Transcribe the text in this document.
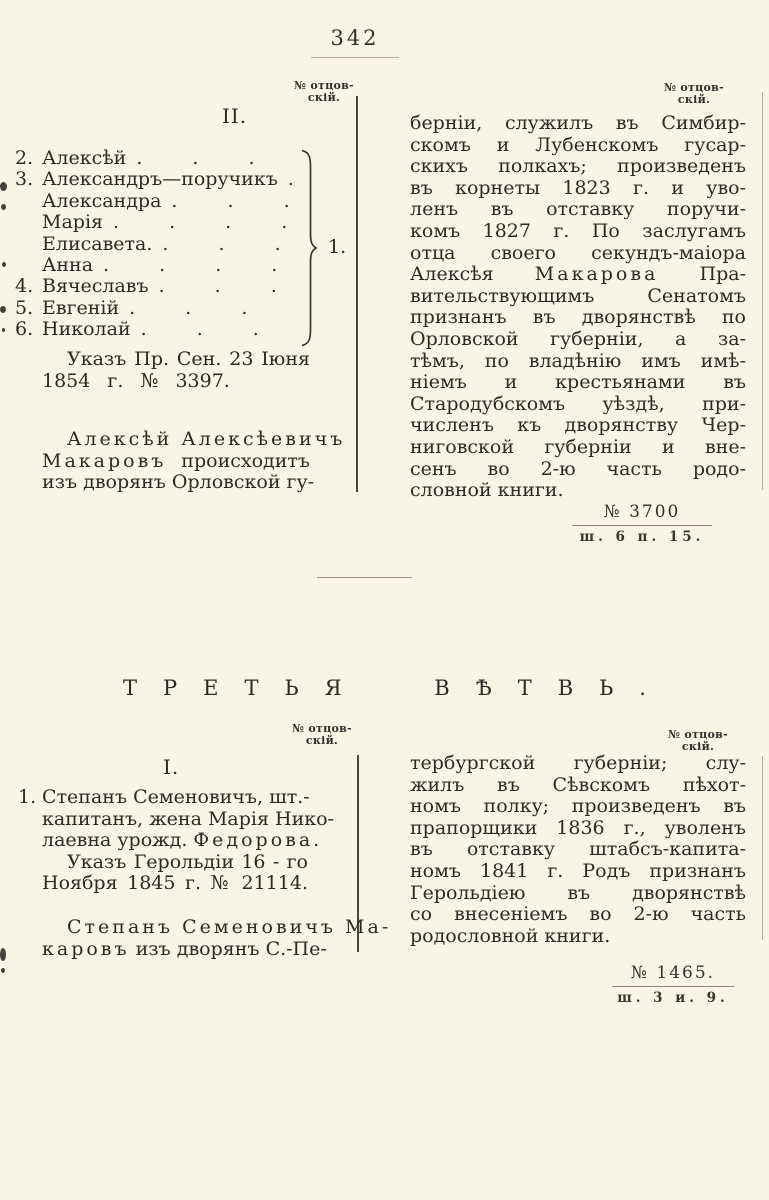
342
№ отцов-
скій.
№ отцов-
скій.
II.
2. Алексѣй
. . .
3. Александръ—поручикъ
. . .
Александра
. . .
Марія
. . .
Елисавета.
. . .
Анна
. . .
4. Вячеславъ
. . .
5. Евгеній
. . .
6. Николай
. . .
1.
Указъ Пр. Сен. 23 Іюня
1854 г. № 3397.
Алексѣй Алексѣевичъ
Макаровъ происходитъ
изъ дворянъ Орловской гу-
берніи, служилъ въ Симбир-
скомъ и Лубенскомъ гусар-
скихъ полкахъ; произведенъ
въ корнеты 1823 г. и уво-
ленъ въ отставку поручи-
комъ 1827 г. По заслугамъ
отца своего секундъ-маіора
Алексѣя Макарова Пра-
вительствующимъ Сенатомъ
признанъ въ дворянствѣ по
Орловской губерніи, а за-
тѣмъ, по владѣнію имъ имѣ-
ніемъ и крестьянами въ
Стародубскомъ уѣздѣ, при-
численъ къ дворянству Чер-
ниговской губерніи и вне-
сенъ во 2-ю часть родо-
словной книги.
№ 3700
ш. 6 п. 15.
ТРЕТЬЯ ВѢТВЬ.
№ отцов-
скій.	№ отцов-
скій.
I.
1. Степанъ Семеновичъ, шт.-
капитанъ, жена Марія Нико-
лаевна урожд. Федорова.
Указъ Герольдіи 16 - го
Ноября 1845 г. № 21114.
Степанъ Семеновичъ Ма-
каровъ изъ дворянъ С.-Пе-
тербургской губерніи; слу-
жилъ въ Сѣвскомъ пѣхот-
номъ полку; произведенъ въ
прапорщики 1836 г., уволенъ
въ отставку штабсъ-капита-
номъ 1841 г. Родъ признанъ
Герольдіею въ дворянствѣ
со внесеніемъ во 2-ю часть
родословной книги.
№ 1465.
ш. 3 и. 9.
